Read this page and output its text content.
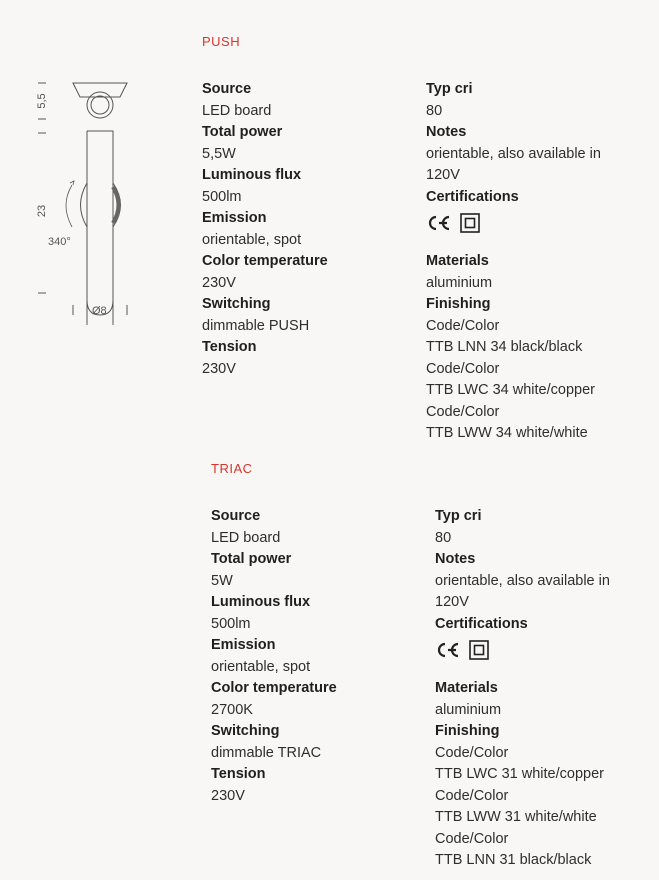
5,5
23
340°
Ø8
PUSH
Source
LED board
Total power
5,5W
Luminous flux
500lm
Emission
orientable, spot
Color temperature
230V
Switching
dimmable PUSH
Tension
230V
Typ cri
80
Notes
orientable, also available in
120V
Certifications
Materials
aluminium
Finishing
Code/Color
TTB LNN 34 black/black
Code/Color
TTB LWC 34 white/copper
Code/Color
TTB LWW 34 white/white
TRIAC
Source
LED board
Total power
5W
Luminous flux
500lm
Emission
orientable, spot
Color temperature
2700K
Switching
dimmable TRIAC
Tension
230V
Typ cri
80
Notes
orientable, also available in
120V
Certifications
Materials
aluminium
Finishing
Code/Color
TTB LWC 31 white/copper
Code/Color
TTB LWW 31 white/white
Code/Color
TTB LNN 31 black/black
